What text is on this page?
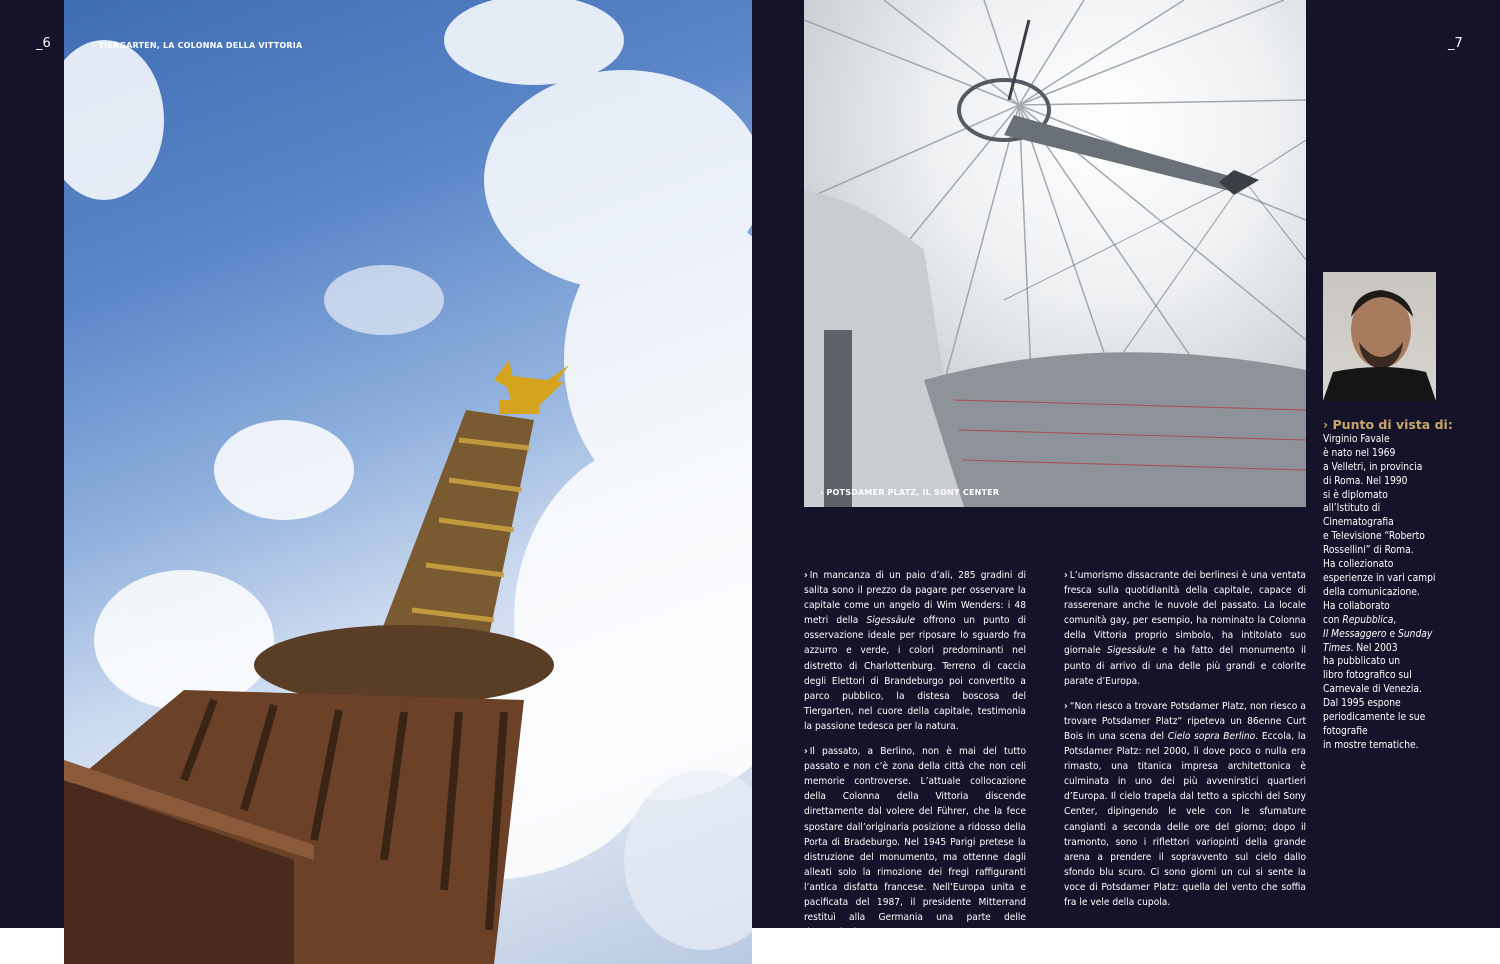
_6	_7
› TIERGARTEN, LA COLONNA DELLA VITTORIA
› POTSDAMER PLATZ, IL SONY CENTER

› In mancanza di un paio d’ali, 285 gradini di salita sono il prezzo da pagare per osservare la capitale come un angelo di Wim Wenders: i 48 metri della Sigessäule offrono un punto di osservazione ideale per riposare lo sguardo fra azzurro e verde, i colori predominanti nel distretto di Charlottenburg. Terreno di caccia degli Elettori di Brandeburgo poi convertito a parco pubblico, la distesa boscosa del Tiergarten, nel cuore della capitale, testimonia la passione tedesca per la natura.

› Il passato, a Berlino, non è mai del tutto passato e non c’è zona della città che non celi memorie controverse. L’attuale collocazione della Colonna della Vittoria discende direttamente dal volere del Führer, che la fece spostare dall’originaria posizione a ridosso della Porta di Bradeburgo. Nel 1945 Parigi pretese la distruzione del monumento, ma ottenne dagli alleati solo la rimozione dei fregi raffiguranti l’antica disfatta francese. Nell’Europa unita e pacificata del 1987, il presidente Mitterrand restituì alla Germania una parte delle decorazioni.

› L’umorismo dissacrante dei berlinesi è una ventata fresca sulla quotidianità della capitale, capace di rasserenare anche le nuvole del passato. La locale comunità gay, per esempio, ha nominato la Colonna della Vittoria proprio simbolo, ha intitolato suo giornale Sigessäule e ha fatto del monumento il punto di arrivo di una delle più grandi e colorite parate d’Europa.

› “Non riesco a trovare Potsdamer Platz, non riesco a trovare Potsdamer Platz” ripeteva un 86enne Curt Bois in una scena del Cielo sopra Berlino. Eccola, la Potsdamer Platz: nel 2000, lì dove poco o nulla era rimasto, una titanica impresa architettonica è culminata in uno dei più avvenirstici quartieri d’Europa. Il cielo trapela dal tetto a spicchi del Sony Center, dipingendo le vele con le sfumature cangianti a seconda delle ore del giorno; dopo il tramonto, sono i riflettori variopinti della grande arena a prendere il sopravvento sul cielo dallo sfondo blu scuro. Ci sono giorni un cui si sente la voce di Potsdamer Platz: quella del vento che soffia fra le vele della cupola.

› Punto di vista di:
Virginio Favale
è nato nel 1969
a Velletri, in provincia
di Roma. Nel 1990
si è diplomato
all’Istituto di
Cinematografia
e Televisione “Roberto
Rossellini” di Roma.
Ha collezionato
esperienze in vari campi
della comunicazione.
Ha collaborato
con Repubblica,
Il Messaggero e Sunday Times. Nel 2003
ha pubblicato un
libro fotografico sul
Carnevale di Venezia.
Dal 1995 espone
periodicamente le sue
fotografie
in mostre tematiche.
